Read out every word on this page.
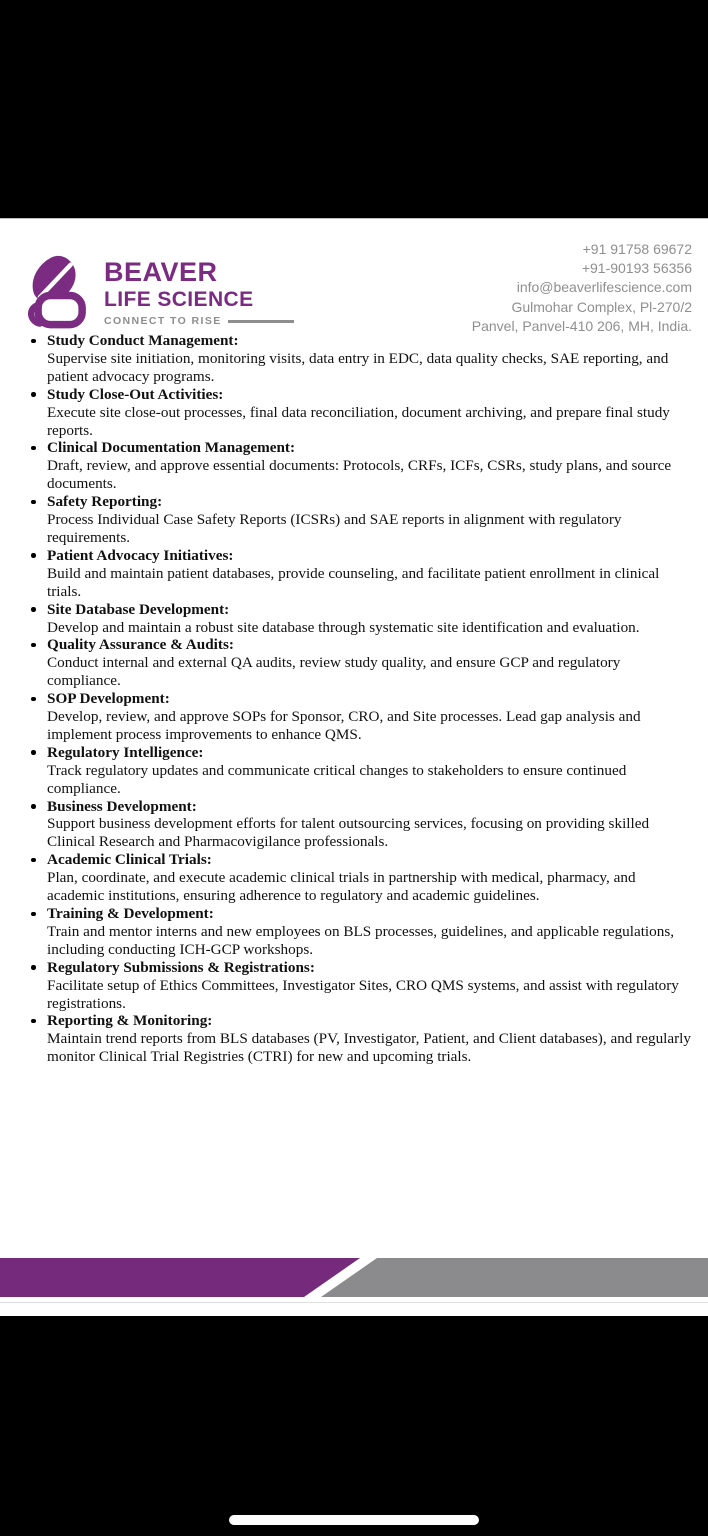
BEAVER
LIFE SCIENCE
CONNECT TO RISE
+91 91758 69672
+91-90193 56356
info@beaverlifescience.com
Gulmohar Complex, Pl-270/2
Panvel, Panvel-410 206, MH, India.
Study Conduct Management:
Supervise site initiation, monitoring visits, data entry in EDC, data quality checks, SAE reporting, and patient advocacy programs.
Study Close-Out Activities:
Execute site close-out processes, final data reconciliation, document archiving, and prepare final study reports.
Clinical Documentation Management:
Draft, review, and approve essential documents: Protocols, CRFs, ICFs, CSRs, study plans, and source documents.
Safety Reporting:
Process Individual Case Safety Reports (ICSRs) and SAE reports in alignment with regulatory requirements.
Patient Advocacy Initiatives:
Build and maintain patient databases, provide counseling, and facilitate patient enrollment in clinical trials.
Site Database Development:
Develop and maintain a robust site database through systematic site identification and evaluation.
Quality Assurance & Audits:
Conduct internal and external QA audits, review study quality, and ensure GCP and regulatory compliance.
SOP Development:
Develop, review, and approve SOPs for Sponsor, CRO, and Site processes. Lead gap analysis and implement process improvements to enhance QMS.
Regulatory Intelligence:
Track regulatory updates and communicate critical changes to stakeholders to ensure continued compliance.
Business Development:
Support business development efforts for talent outsourcing services, focusing on providing skilled Clinical Research and Pharmacovigilance professionals.
Academic Clinical Trials:
Plan, coordinate, and execute academic clinical trials in partnership with medical, pharmacy, and academic institutions, ensuring adherence to regulatory and academic guidelines.
Training & Development:
Train and mentor interns and new employees on BLS processes, guidelines, and applicable regulations, including conducting ICH-GCP workshops.
Regulatory Submissions & Registrations:
Facilitate setup of Ethics Committees, Investigator Sites, CRO QMS systems, and assist with regulatory registrations.
Reporting & Monitoring:
Maintain trend reports from BLS databases (PV, Investigator, Patient, and Client databases), and regularly monitor Clinical Trial Registries (CTRI) for new and upcoming trials.
